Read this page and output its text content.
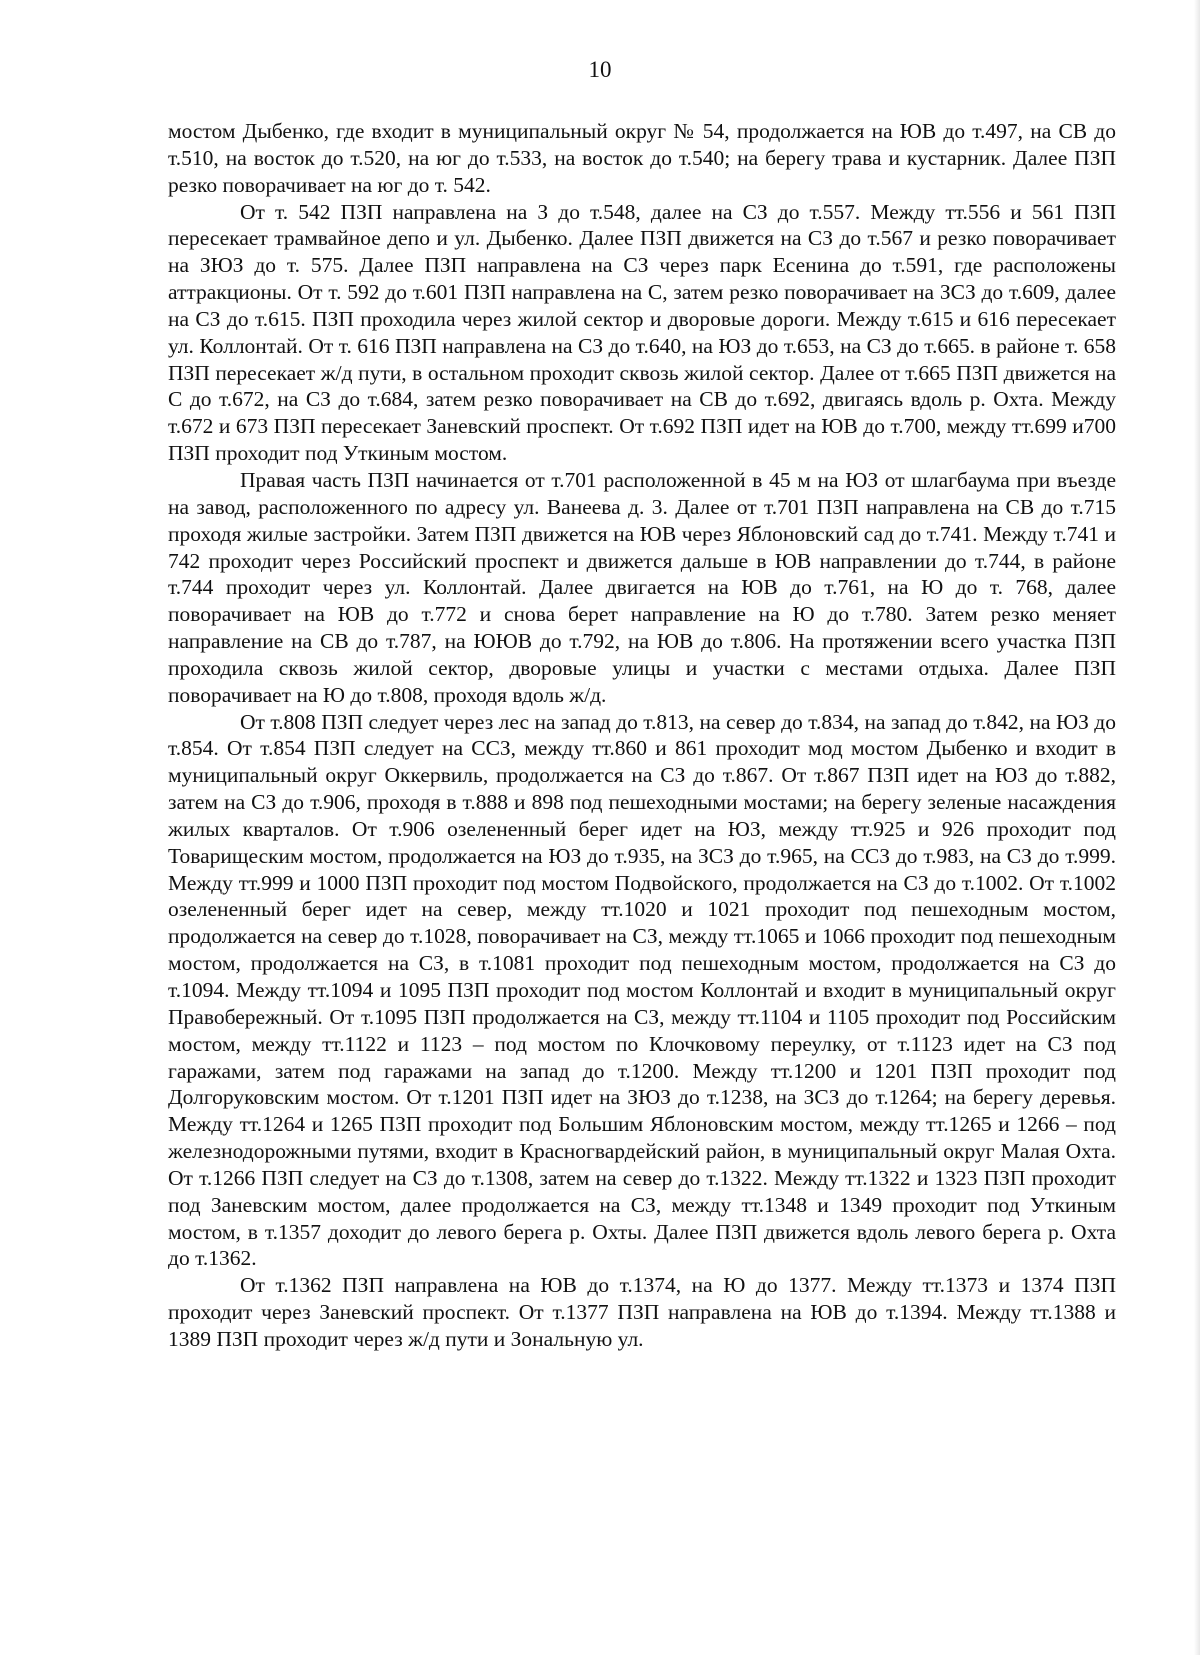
10

мостом Дыбенко, где входит в муниципальный округ № 54, продолжается на ЮВ до т.497, на СВ до т.510, на восток до т.520, на юг до т.533, на восток до т.540; на берегу трава и кустарник. Далее ПЗП резко поворачивает на юг до т. 542.

От т. 542 ПЗП направлена на З до т.548, далее на СЗ до т.557. Между тт.556 и 561 ПЗП пересекает трамвайное депо и ул. Дыбенко. Далее ПЗП движется на СЗ до т.567 и резко поворачивает на ЗЮЗ до т. 575. Далее ПЗП направлена на СЗ через парк Есенина до т.591, где расположены аттракционы. От т. 592 до т.601 ПЗП направлена на С, затем резко поворачивает на ЗСЗ до т.609, далее на СЗ до т.615. ПЗП проходила через жилой сектор и дворовые дороги. Между т.615 и 616 пересекает ул. Коллонтай. От т. 616 ПЗП направлена на СЗ до т.640, на ЮЗ до т.653, на СЗ до т.665. в районе т. 658 ПЗП пересекает ж/д пути, в остальном проходит сквозь жилой сектор. Далее от т.665 ПЗП движется на С до т.672, на СЗ до т.684, затем резко поворачивает на СВ до т.692, двигаясь вдоль р. Охта. Между т.672 и 673 ПЗП пересекает Заневский проспект. От т.692 ПЗП идет на ЮВ до т.700, между тт.699 и700 ПЗП проходит под Уткиным мостом.

Правая часть ПЗП начинается от т.701 расположенной в 45 м на ЮЗ от шлагбаума при въезде на завод, расположенного по адресу ул. Ванеева д. 3. Далее от т.701 ПЗП направлена на СВ до т.715 проходя жилые застройки. Затем ПЗП движется на ЮВ через Яблоновский сад до т.741. Между т.741 и 742 проходит через Российский проспект и движется дальше в ЮВ направлении до т.744, в районе т.744 проходит через ул. Коллонтай. Далее двигается на ЮВ до т.761, на Ю до т. 768, далее поворачивает на ЮВ до т.772 и снова берет направление на Ю до т.780. Затем резко меняет направление на СВ до т.787, на ЮЮВ до т.792, на ЮВ до т.806. На протяжении всего участка ПЗП проходила сквозь жилой сектор, дворовые улицы и участки с местами отдыха. Далее ПЗП поворачивает на Ю до т.808, проходя вдоль ж/д.

От т.808 ПЗП следует через лес на запад до т.813, на север до т.834, на запад до т.842, на ЮЗ до т.854. От т.854 ПЗП следует на ССЗ, между тт.860 и 861 проходит мод мостом Дыбенко и входит в муниципальный округ Оккервиль, продолжается на СЗ до т.867. От т.867 ПЗП идет на ЮЗ до т.882, затем на СЗ до т.906, проходя в т.888 и 898 под пешеходными мостами; на берегу зеленые насаждения жилых кварталов. От т.906 озелененный берег идет на ЮЗ, между тт.925 и 926 проходит под Товарищеским мостом, продолжается на ЮЗ до т.935, на ЗСЗ до т.965, на ССЗ до т.983, на СЗ до т.999. Между тт.999 и 1000 ПЗП проходит под мостом Подвойского, продолжается на СЗ до т.1002. От т.1002 озелененный берег идет на север, между тт.1020 и 1021 проходит под пешеходным мостом, продолжается на север до т.1028, поворачивает на СЗ, между тт.1065 и 1066 проходит под пешеходным мостом, продолжается на СЗ, в т.1081 проходит под пешеходным мостом, продолжается на СЗ до т.1094. Между тт.1094 и 1095 ПЗП проходит под мостом Коллонтай и входит в муниципальный округ Правобережный. От т.1095 ПЗП продолжается на СЗ, между тт.1104 и 1105 проходит под Российским мостом, между тт.1122 и 1123 – под мостом по Клочковому переулку, от т.1123 идет на СЗ под гаражами, затем под гаражами на запад до т.1200. Между тт.1200 и 1201 ПЗП проходит под Долгоруковским мостом. От т.1201 ПЗП идет на ЗЮЗ до т.1238, на ЗСЗ до т.1264; на берегу деревья. Между тт.1264 и 1265 ПЗП проходит под Большим Яблоновским мостом, между тт.1265 и 1266 – под железнодорожными путями, входит в Красногвардейский район, в муниципальный округ Малая Охта. От т.1266 ПЗП следует на СЗ до т.1308, затем на север до т.1322. Между тт.1322 и 1323 ПЗП проходит под Заневским мостом, далее продолжается на СЗ, между тт.1348 и 1349 проходит под Уткиным мостом, в т.1357 доходит до левого берега р. Охты. Далее ПЗП движется вдоль левого берега р. Охта до т.1362.

От т.1362 ПЗП направлена на ЮВ до т.1374, на Ю до 1377. Между тт.1373 и 1374 ПЗП проходит через Заневский проспект. От т.1377 ПЗП направлена на ЮВ до т.1394. Между тт.1388 и 1389 ПЗП проходит через ж/д пути и Зональную ул.
